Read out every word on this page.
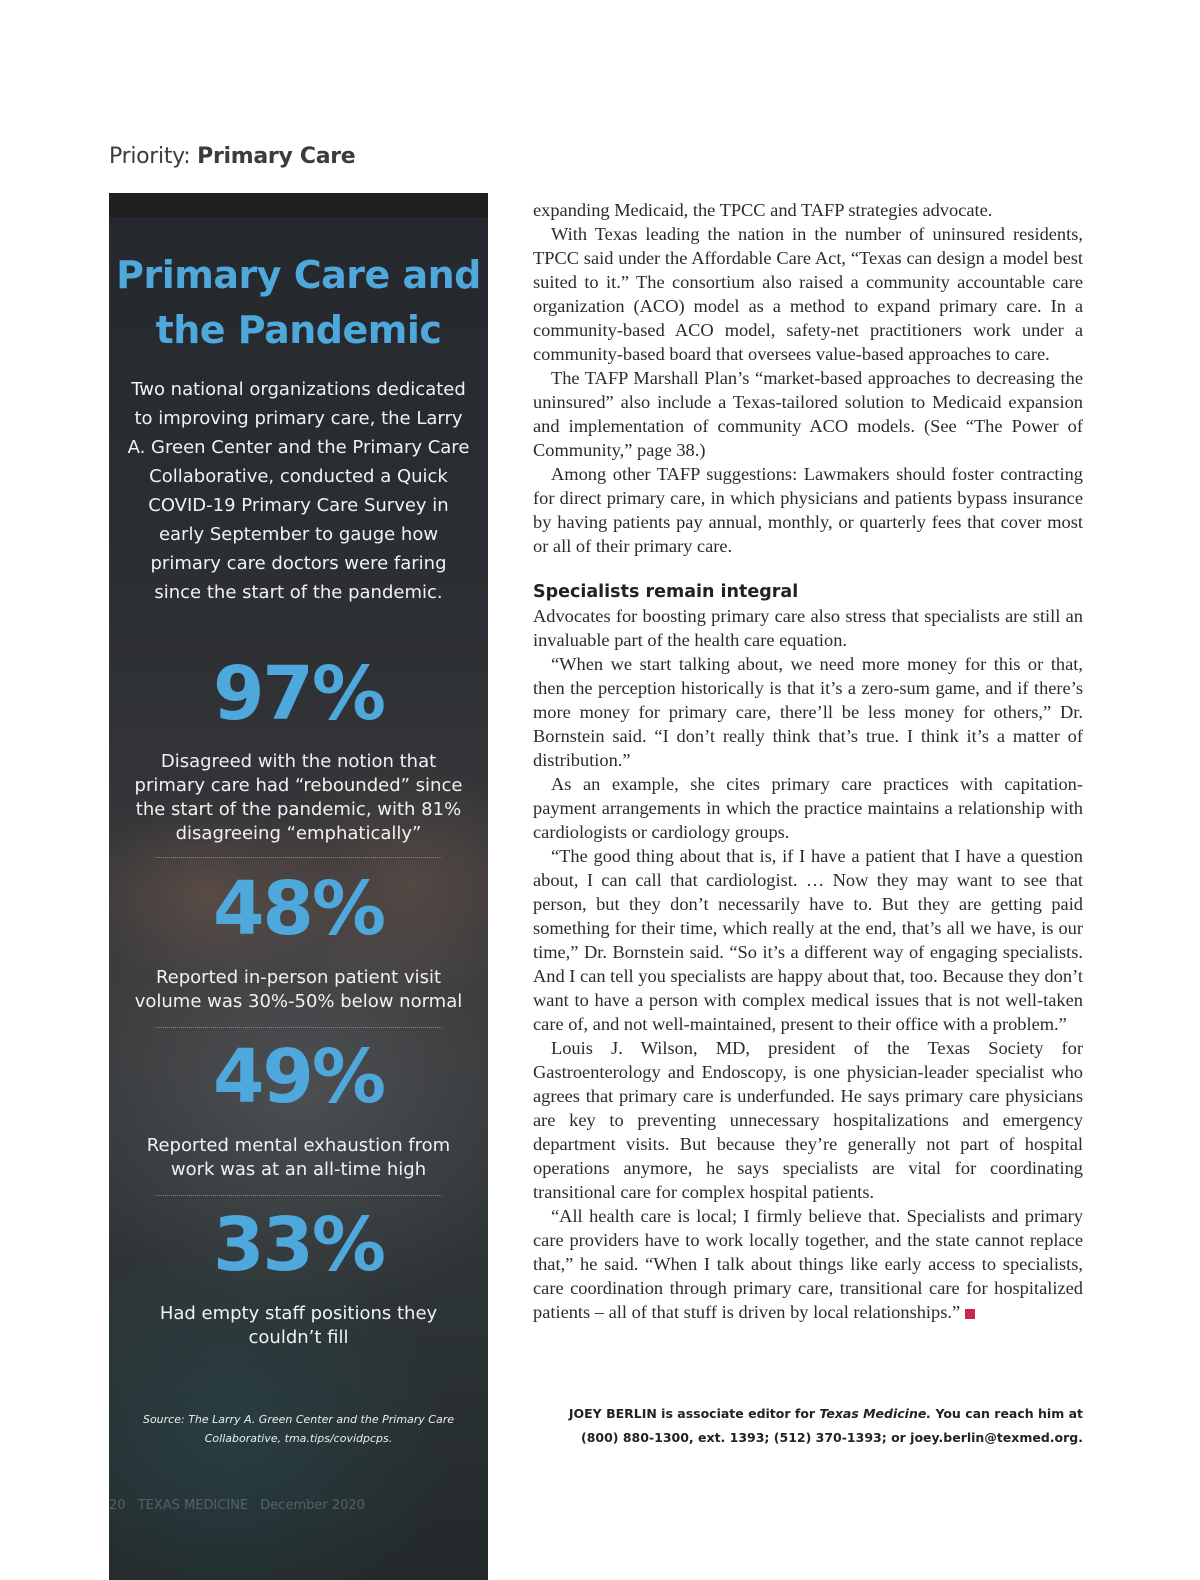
Priority: Primary Care
Primary Care and
the Pandemic
Two national organizations dedicated to improving primary care, the Larry A. Green Center and the Primary Care Collaborative, conducted a Quick COVID-19 Primary Care Survey in early September to gauge how primary care doctors were faring since the start of the pandemic.
97%
Disagreed with the notion that primary care had “rebounded” since the start of the pandemic, with 81% disagreeing “emphatically”
48%
Reported in-person patient visit volume was 30%-50% below normal
49%
Reported mental exhaustion from work was at an all-time high
33%
Had empty staff positions they couldn’t fill
Source: The Larry A. Green Center and the Primary Care Collaborative, tma.tips/covidpcps.
20 TEXAS MEDICINE December 2020

expanding Medicaid, the TPCC and TAFP strategies advocate.

With Texas leading the nation in the number of uninsured residents, TPCC said under the Affordable Care Act, “Texas can design a model best suited to it.” The consortium also raised a community accountable care organization (ACO) model as a method to expand primary care. In a community-based ACO model, safety-net practitioners work under a community-based board that oversees value-based approaches to care.

The TAFP Marshall Plan’s “market-based approaches to decreasing the uninsured” also include a Texas-tailored solution to Medicaid expansion and implementation of community ACO models. (See “The Power of Community,” page 38.)

Among other TAFP suggestions: Lawmakers should foster contracting for direct primary care, in which physicians and patients bypass insurance by having patients pay annual, monthly, or quarterly fees that cover most or all of their primary care.

Specialists remain integral

Advocates for boosting primary care also stress that specialists are still an invaluable part of the health care equation.

“When we start talking about, we need more money for this or that, then the perception historically is that it’s a zero-sum game, and if there’s more money for primary care, there’ll be less money for others,” Dr. Bornstein said. “I don’t really think that’s true. I think it’s a matter of distribution.”

As an example, she cites primary care practices with capitation-payment arrangements in which the practice maintains a relationship with cardiologists or cardiology groups.

“The good thing about that is, if I have a patient that I have a question about, I can call that cardiologist. … Now they may want to see that person, but they don’t necessarily have to. But they are getting paid something for their time, which really at the end, that’s all we have, is our time,” Dr. Bornstein said. “So it’s a different way of engaging specialists. And I can tell you specialists are happy about that, too. Because they don’t want to have a person with complex medical issues that is not well-taken care of, and not well-maintained, present to their office with a problem.”

Louis J. Wilson, MD, president of the Texas Society for Gastroenterology and Endoscopy, is one physician-leader specialist who agrees that primary care is underfunded. He says primary care physicians are key to preventing unnecessary hospitalizations and emergency department visits. But because they’re generally not part of hospital operations anymore, he says specialists are vital for coordinating transitional care for complex hospital patients.

“All health care is local; I firmly believe that. Specialists and primary care providers have to work locally together, and the state cannot replace that,” he said. “When I talk about things like early access to specialists, care coordination through primary care, transitional care for hospitalized patients – all of that stuff is driven by local relationships.”

JOEY BERLIN is associate editor for Texas Medicine. You can reach him at
(800) 880-1300, ext. 1393; (512) 370-1393; or joey.berlin@texmed.org.
